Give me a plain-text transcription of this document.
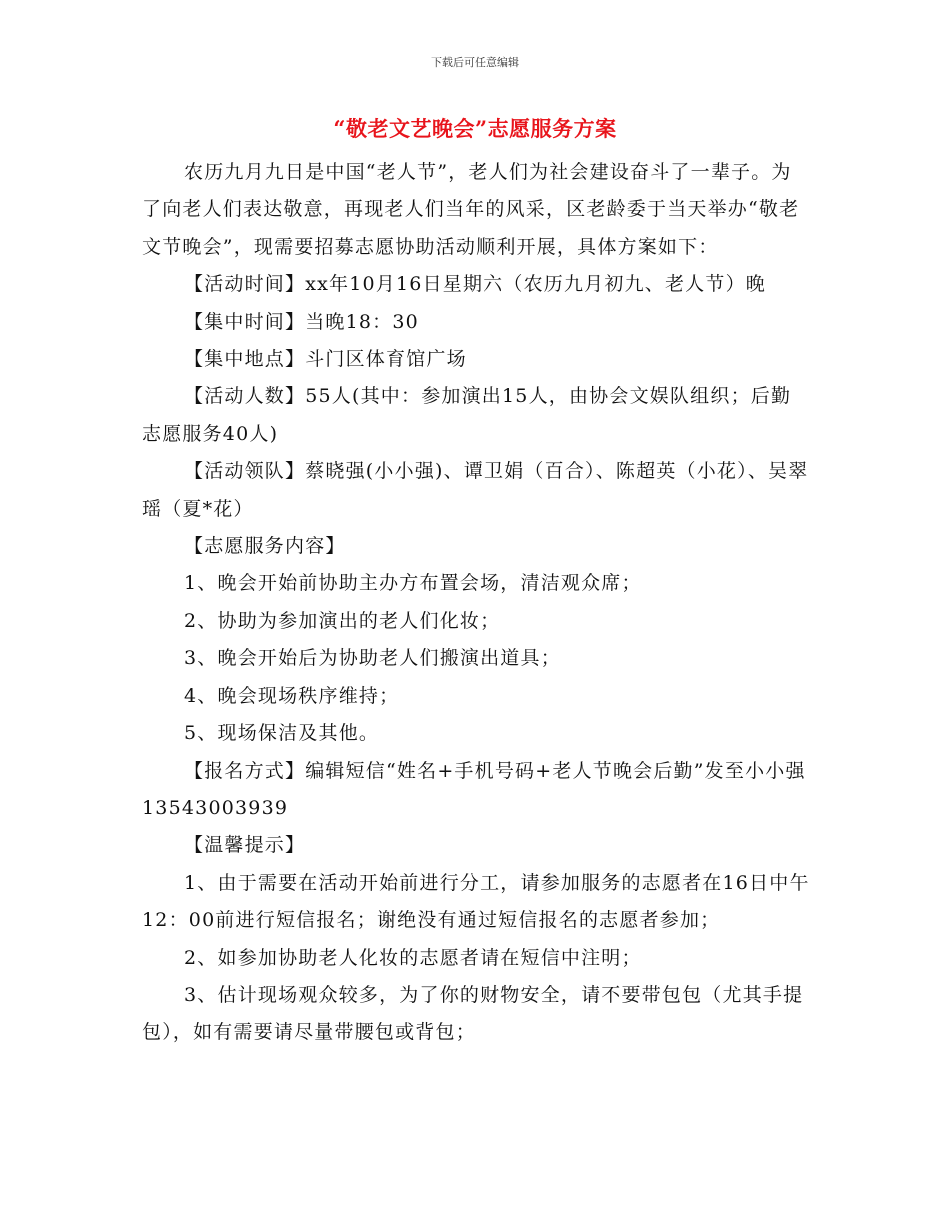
下载后可任意编辑
“敬老文艺晚会”志愿服务方案

农历九月九日是中国“老人节”，老人们为社会建设奋斗了一辈子。为了向老人们表达敬意，再现老人们当年的风采，区老龄委于当天举办“敬老文节晚会”，现需要招募志愿协助活动顺利开展，具体方案如下：

【活动时间】xx年10月16日星期六（农历九月初九、老人节）晚

【集中时间】当晚18：30

【集中地点】斗门区体育馆广场

【活动人数】55人(其中：参加演出15人，由协会文娱队组织；后勤志愿服务40人)

【活动领队】蔡晓强(小小强)、谭卫娟（百合）、陈超英（小花）、吴翠瑶（夏*花）

【志愿服务内容】

1、晚会开始前协助主办方布置会场，清洁观众席；

2、协助为参加演出的老人们化妆；

3、晚会开始后为协助老人们搬演出道具；

4、晚会现场秩序维持；

5、现场保洁及其他。

【报名方式】编辑短信“姓名+手机号码+老人节晚会后勤”发至小小强13543003939

【温馨提示】

1、由于需要在活动开始前进行分工，请参加服务的志愿者在16日中午12：00前进行短信报名；谢绝没有通过短信报名的志愿者参加；

2、如参加协助老人化妆的志愿者请在短信中注明；

3、估计现场观众较多，为了你的财物安全，请不要带包包（尤其手提包），如有需要请尽量带腰包或背包；
